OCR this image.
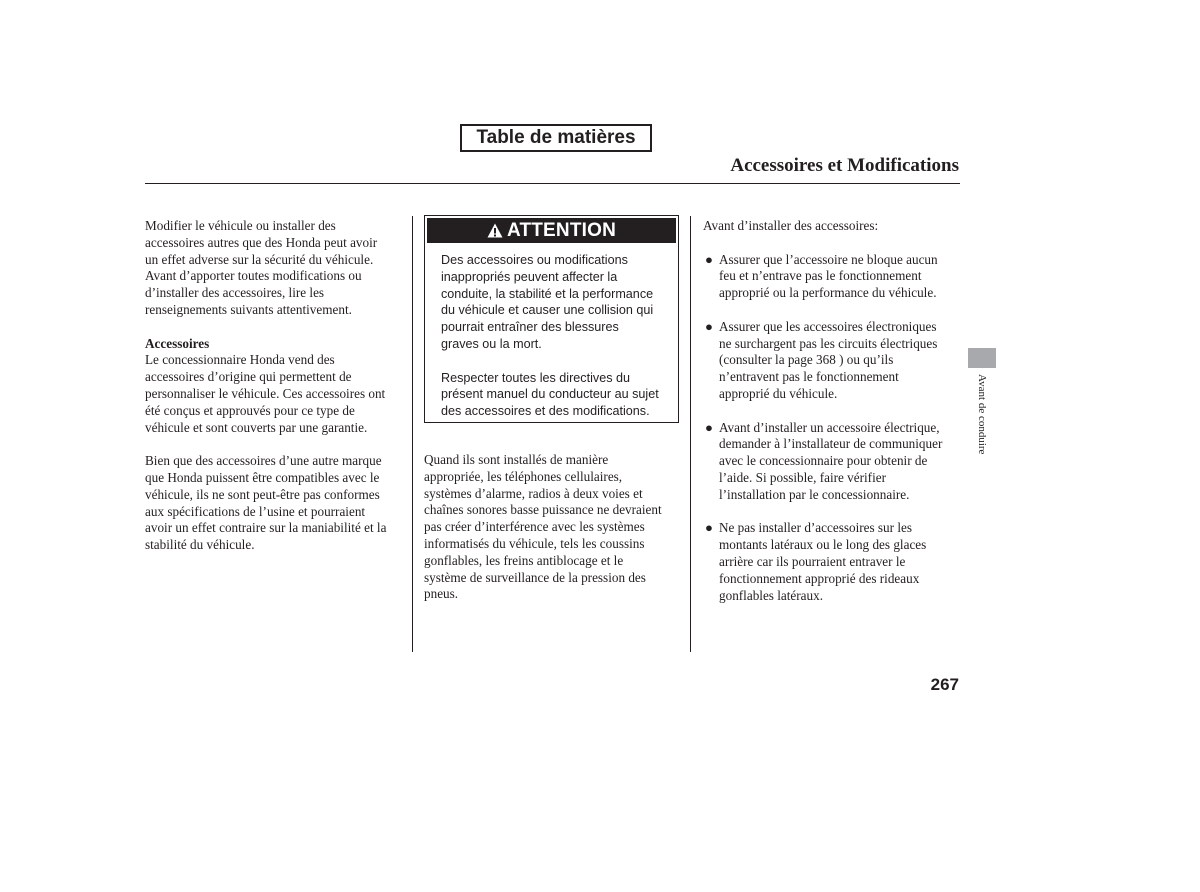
Table de matières
Accessoires et Modifications

Modifier le véhicule ou installer des

accessoires autres que des Honda peut avoir

un effet adverse sur la sécurité du véhicule.

Avant d’apporter toutes modifications ou

d’installer des accessoires, lire les

renseignements suivants attentivement.

Accessoires

Le concessionnaire Honda vend des

accessoires d’origine qui permettent de

personnaliser le véhicule. Ces accessoires ont

été conçus et approuvés pour ce type de

véhicule et sont couverts par une garantie.

Bien que des accessoires d’une autre marque

que Honda puissent être compatibles avec le

véhicule, ils ne sont peut-être pas conformes

aux spécifications de l’usine et pourraient

avoir un effet contraire sur la maniabilité et la

stabilité du véhicule.

ATTENTION

Des accessoires ou modifications

inappropriés peuvent affecter la

conduite, la stabilité et la performance

du véhicule et causer une collision qui

pourrait entraîner des blessures

graves ou la mort.

Respecter toutes les directives du

présent manuel du conducteur au sujet

des accessoires et des modifications.

Quand ils sont installés de manière

appropriée, les téléphones cellulaires,

systèmes d’alarme, radios à deux voies et

chaînes sonores basse puissance ne devraient

pas créer d’interférence avec les systèmes

informatisés du véhicule, tels les coussins

gonflables, les freins antiblocage et le

système de surveillance de la pression des

pneus.

Avant d’installer des accessoires:

● Assurer que l’accessoire ne bloque aucun

feu et n’entrave pas le fonctionnement

approprié ou la performance du véhicule.

● Assurer que les accessoires électroniques

ne surchargent pas les circuits électriques

(consulter la page 368 ) ou qu’ils

n’entravent pas le fonctionnement

approprié du véhicule.

● Avant d’installer un accessoire électrique,

demander à l’installateur de communiquer

avec le concessionnaire pour obtenir de

l’aide. Si possible, faire vérifier

l’installation par le concessionnaire.

● Ne pas installer d’accessoires sur les

montants latéraux ou le long des glaces

arrière car ils pourraient entraver le

fonctionnement approprié des rideaux

gonflables latéraux.

Avant de conduire
267
